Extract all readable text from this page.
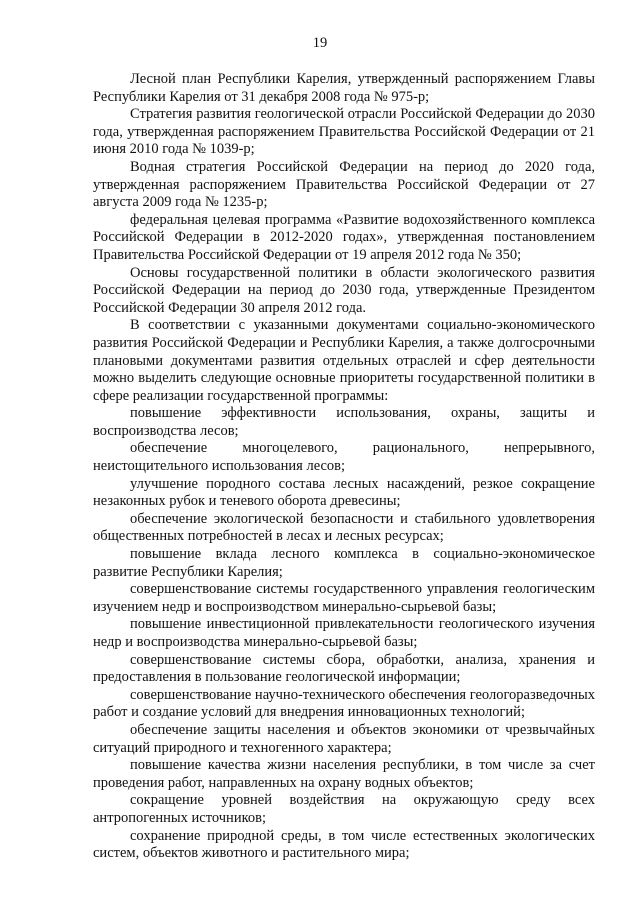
19

Лесной план Республики Карелия, утвержденный распоряжением Главы Республики Карелия от 31 декабря 2008 года № 975-р;

Стратегия развития геологической отрасли Российской Федерации до 2030 года, утвержденная распоряжением Правительства Российской Федерации от 21 июня 2010 года № 1039-р;

Водная стратегия Российской Федерации на период до 2020 года, утвержденная распоряжением Правительства Российской Федерации от 27 августа 2009 года № 1235-р;

федеральная целевая программа «Развитие водохозяйственного комплекса Российской Федерации в 2012-2020 годах», утвержденная постановлением Правительства Российской Федерации от 19 апреля 2012 года № 350;

Основы государственной политики в области экологического развития Российской Федерации на период до 2030 года, утвержденные Президентом Российской Федерации 30 апреля 2012 года.

В соответствии с указанными документами социально-экономического развития Российской Федерации и Республики Карелия, а также долгосрочными плановыми документами развития отдельных отраслей и сфер деятельности можно выделить следующие основные приоритеты государственной политики в сфере реализации государственной программы:

повышение эффективности использования, охраны, защиты и воспроизводства лесов;

обеспечение многоцелевого, рационального, непрерывного, неистощительного использования лесов;

улучшение породного состава лесных насаждений, резкое сокращение незаконных рубок и теневого оборота древесины;

обеспечение экологической безопасности и стабильного удовлетворения общественных потребностей в лесах и лесных ресурсах;

повышение вклада лесного комплекса в социально-экономическое развитие Республики Карелия;

совершенствование системы государственного управления геологическим изучением недр и воспроизводством минерально-сырьевой базы;

повышение инвестиционной привлекательности геологического изучения недр и воспроизводства минерально-сырьевой базы;

совершенствование системы сбора, обработки, анализа, хранения и предоставления в пользование геологической информации;

совершенствование научно-технического обеспечения геологоразведочных работ и создание условий для внедрения инновационных технологий;

обеспечение защиты населения и объектов экономики от чрезвычайных ситуаций природного и техногенного характера;

повышение качества жизни населения республики, в том числе за счет проведения работ, направленных на охрану водных объектов;

сокращение уровней воздействия на окружающую среду всех антропогенных источников;

сохранение природной среды, в том числе естественных экологических систем, объектов животного и растительного мира;
